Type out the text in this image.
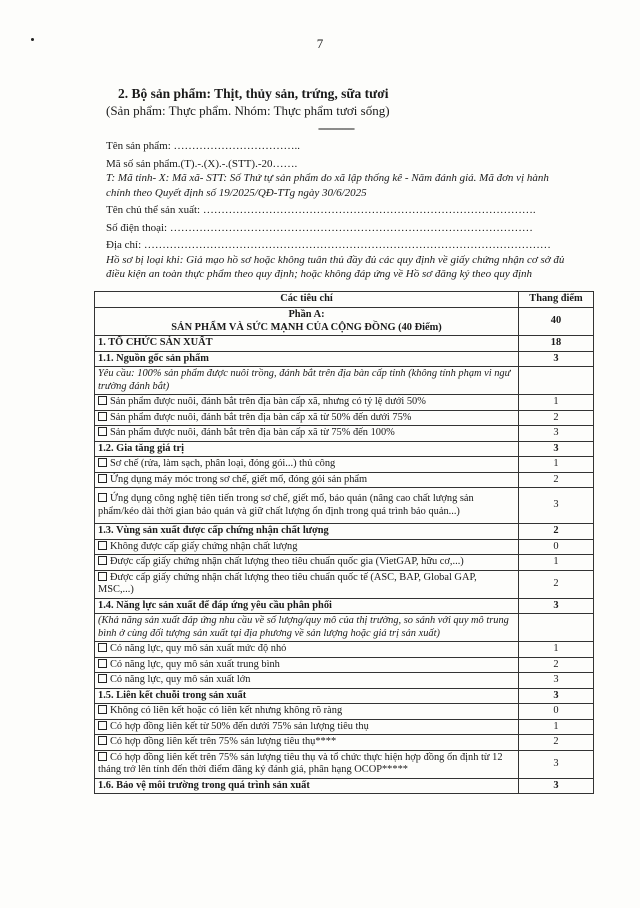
7
2. Bộ sản phẩm: Thịt, thủy sản, trứng, sữa tươi
(Sản phẩm: Thực phẩm. Nhóm: Thực phẩm tươi sống)
------------
Tên sản phẩm: ……………………………..
Mã số sản phẩm.(T).-.(X).-.(STT).-20…….
T: Mã tỉnh- X: Mã xã- STT: Số Thứ tự sản phẩm do xã lập thống kê - Năm đánh giá. Mã đơn vị hành chính theo Quyết định số 19/2025/QĐ-TTg ngày 30/6/2025
Tên chủ thể sản xuất: ……………………………………………………………………………….
Số điện thoại: ………………………………………………………………………………………
Địa chỉ: …………………………………………………………………………………………………
Hồ sơ bị loại khi: Giả mạo hồ sơ hoặc không tuân thủ đầy đủ các quy định về giấy chứng nhận cơ sở đủ điều kiện an toàn thực phẩm theo quy định; hoặc không đáp ứng về Hồ sơ đăng ký theo quy định
Các tiêu chí	Thang điểm

Phần A:
SẢN PHẨM VÀ SỨC MẠNH CỦA CỘNG ĐỒNG (40 Điểm)	40
1. TỔ CHỨC SẢN XUẤT	18
1.1. Nguồn gốc sản phẩm	3
Yêu cầu: 100% sản phẩm được nuôi trồng, đánh bắt trên địa bàn cấp tỉnh (không tính phạm vi ngư trường đánh bắt)	
Sản phẩm được nuôi, đánh bắt trên địa bàn cấp xã, nhưng có tỷ lệ dưới 50%	1
Sản phẩm được nuôi, đánh bắt trên địa bàn cấp xã từ 50% đến dưới 75%	2
Sản phẩm được nuôi, đánh bắt trên địa bàn cấp xã từ 75% đến 100%	3
1.2. Gia tăng giá trị	3
Sơ chế (rửa, làm sạch, phân loại, đóng gói...) thủ công	1
Ứng dụng máy móc trong sơ chế, giết mổ, đóng gói sản phẩm	2
Ứng dụng công nghệ tiên tiến trong sơ chế, giết mổ, bảo quản (nâng cao chất lượng sản phẩm/kéo dài thời gian bảo quản và giữ chất lượng ổn định trong quá trình bảo quản...)	3
1.3. Vùng sản xuất được cấp chứng nhận chất lượng	2
Không được cấp giấy chứng nhận chất lượng	0
Được cấp giấy chứng nhận chất lượng theo tiêu chuẩn quốc gia (VietGAP, hữu cơ,...)	1
Được cấp giấy chứng nhận chất lượng theo tiêu chuẩn quốc tế (ASC, BAP, Global GAP, MSC,...)	2
1.4. Năng lực sản xuất để đáp ứng yêu cầu phân phối	3
(Khả năng sản xuất đáp ứng nhu cầu về số lượng/quy mô của thị trường, so sánh với quy mô trung bình ở cùng đối tượng sản xuất tại địa phương về sản lượng hoặc giá trị sản xuất)	
Có năng lực, quy mô sản xuất mức độ nhỏ	1
Có năng lực, quy mô sản xuất trung bình	2
Có năng lực, quy mô sản xuất lớn	3
1.5. Liên kết chuỗi trong sản xuất	3
Không có liên kết hoặc có liên kết nhưng không rõ ràng	0
Có hợp đồng liên kết từ 50% đến dưới 75% sản lượng tiêu thụ	1
Có hợp đồng liên kết trên 75% sản lượng tiêu thụ****	2
Có hợp đồng liên kết trên 75% sản lượng tiêu thụ và tổ chức thực hiện hợp đồng ổn định từ 12 tháng trở lên tính đến thời điểm đăng ký đánh giá, phân hạng OCOP*****	3
1.6. Bảo vệ môi trường trong quá trình sản xuất	3
